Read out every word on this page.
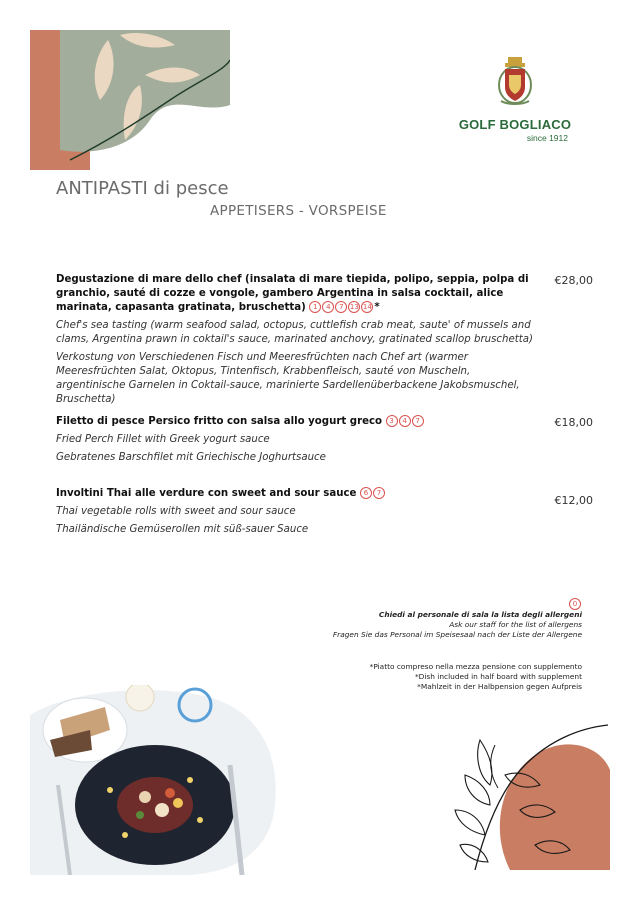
GOLF BOGLIACO
since 1912
ANTIPASTI di pesce
APPETISERS - VORSPEISE
Degustazione di mare dello chef (insalata di mare tiepida, polipo, seppia, polpa di granchio, sauté di cozze e vongole, gambero Argentina in salsa cocktail, alice marinata, capasanta gratinata, bruschetta) 1 4 7 13 14 *
Chef's sea tasting (warm seafood salad, octopus, cuttlefish crab meat, saute' of mussels and clams, Argentina prawn in coktail's sauce, marinated anchovy, gratinated scallop bruschetta)
Verkostung von Verschiedenen Fisch und Meeresfrüchten nach Chef art (warmer Meeresfrüchten Salat, Oktopus, Tintenfisch, Krabbenfleisch, sauté von Muscheln, argentinische Garnelen in Coktail-sauce, marinierte Sardellenüberbackene Jakobsmuschel, Bruschetta)
€28,00
Filetto di pesce Persico fritto con salsa allo yogurt greco 3 4 7
Fried Perch Fillet with Greek yogurt sauce
Gebratenes Barschfilet mit Griechische Joghurtsauce
€18,00
Involtini Thai alle verdure con sweet and sour sauce 6 7
Thai vegetable rolls with sweet and sour sauce
Thailändische Gemüserollen mit süß-sauer Sauce
€12,00
0
Chiedi al personale di sala la lista degli allergeni
Ask our staff for the list of allergens
Fragen Sie das Personal im Speisesaal nach der Liste der Allergene
*Piatto compreso nella mezza pensione con supplemento
*Dish included in half board with supplement
*Mahlzeit in der Halbpension gegen Aufpreis
